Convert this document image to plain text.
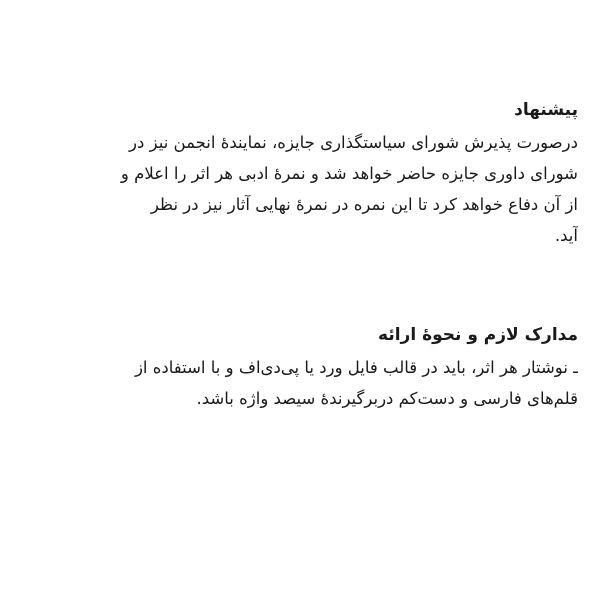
پیشنهاد

درصورت پذیرش شورای سیاستگذاری جایزه، نمایندۀ انجمن نیز در

شورای داوری جایزه حاضر خواهد شد و نمرۀ ادبی هر اثر را اعلام و

از آن دفاع خواهد کرد تا این نمره در نمرۀ نهایی آثار نیز در نظر

آید.

مدارک لازم و نحوۀ ارائه

ـ نوشتار هر اثر، باید در قالب فایل ورد یا پی‌دی‌اف و با استفاده از

قلم‌های فارسی و دست‌کم دربرگیرندۀ سیصد واژه باشد.
